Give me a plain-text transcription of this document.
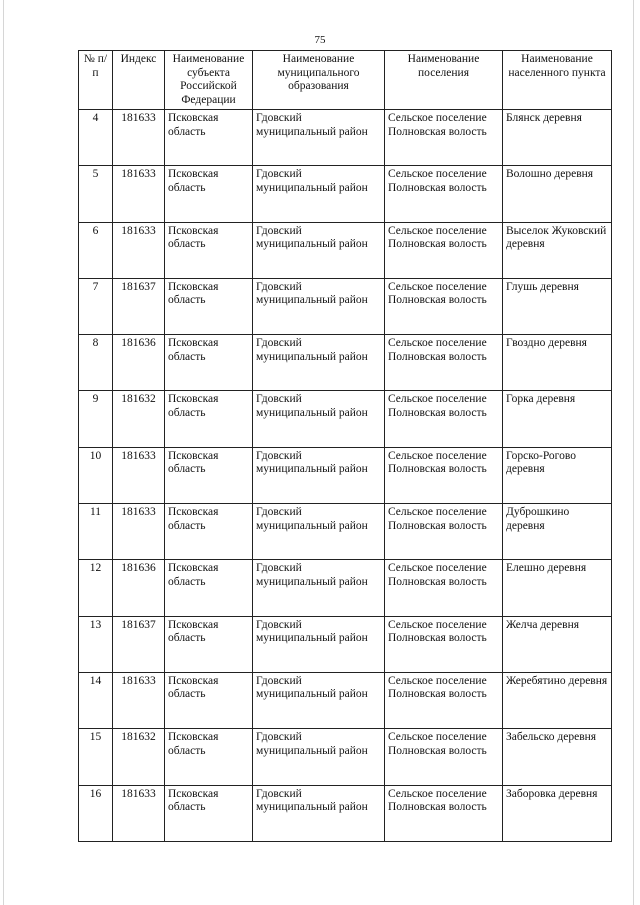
75
№ п/п	Индекс	Наименование субъекта Российской Федерации	Наименование муниципального образования	Наименование поселения	Наименование населенного пункта
4	181633	Псковская область	Гдовский муниципальный район	Сельское поселение Полновская волость	Блянск деревня
5	181633	Псковская область	Гдовский муниципальный район	Сельское поселение Полновская волость	Волошно деревня
6	181633	Псковская область	Гдовский муниципальный район	Сельское поселение Полновская волость	Выселок Жуковский деревня
7	181637	Псковская область	Гдовский муниципальный район	Сельское поселение Полновская волость	Глушь деревня
8	181636	Псковская область	Гдовский муниципальный район	Сельское поселение Полновская волость	Гвоздно деревня
9	181632	Псковская область	Гдовский муниципальный район	Сельское поселение Полновская волость	Горка деревня
10	181633	Псковская область	Гдовский муниципальный район	Сельское поселение Полновская волость	Горско-Рогово деревня
11	181633	Псковская область	Гдовский муниципальный район	Сельское поселение Полновская волость	Дуброшкино деревня
12	181636	Псковская область	Гдовский муниципальный район	Сельское поселение Полновская волость	Елешно деревня
13	181637	Псковская область	Гдовский муниципальный район	Сельское поселение Полновская волость	Желча деревня
14	181633	Псковская область	Гдовский муниципальный район	Сельское поселение Полновская волость	Жеребятино деревня
15	181632	Псковская область	Гдовский муниципальный район	Сельское поселение Полновская волость	Забельско деревня
16	181633	Псковская область	Гдовский муниципальный район	Сельское поселение Полновская волость	Заборовка деревня
